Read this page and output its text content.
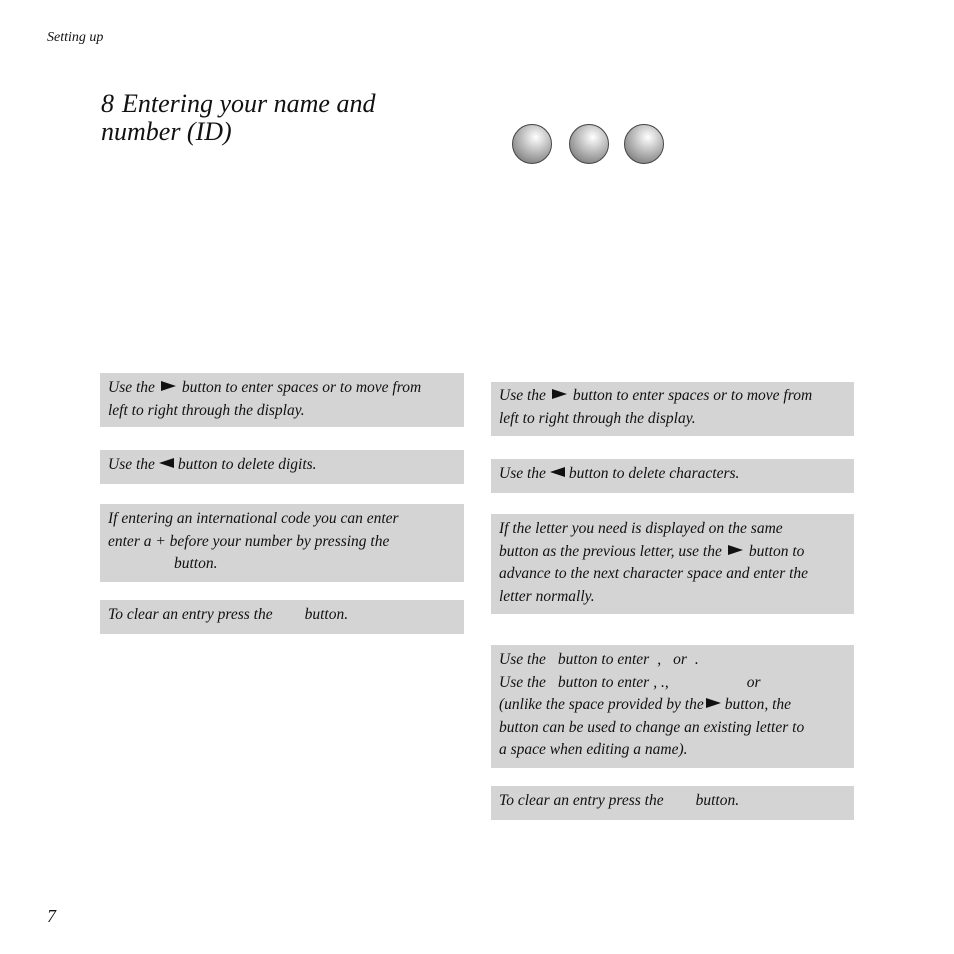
Setting up
8 Entering your name and
number (ID)

Use the button to enter spaces or to move from

left to right through the display.

Use the button to delete digits.

If entering an international code you can enter

enter a + before your number by pressing the

button.

To clear an entry press the button.

Use the button to enter spaces or to move from

left to right through the display.

Use the button to delete characters.

If the letter you need is displayed on the same

button as the previous letter, use the button to

advance to the next character space and enter the

letter normally.

Use the button to enter , or .

Use the button to enter , .,	or

(unlike the space provided by the button, the

button can be used to change an existing letter to

a space when editing a name).

To clear an entry press the button.

7
